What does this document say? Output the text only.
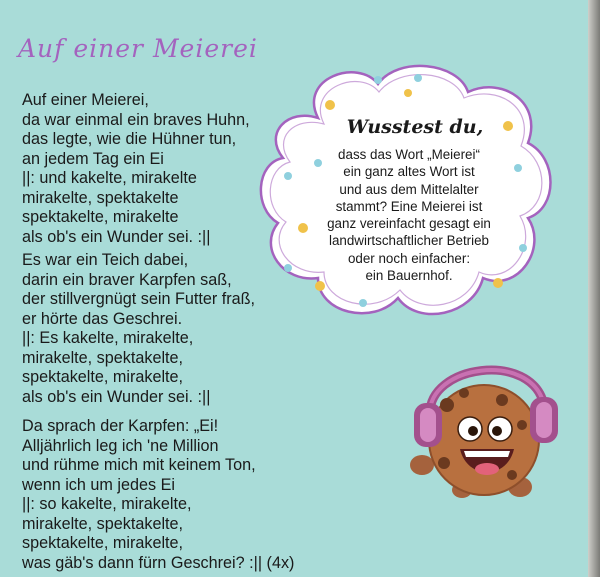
Auf einer Meierei
Auf einer Meierei,
da war einmal ein braves Huhn,
das legte, wie die Hühner tun,
an jedem Tag ein Ei
||: und kakelte, mirakelte
mirakelte, spektakelte
spektakelte, mirakelte
als ob's ein Wunder sei. :||
Es war ein Teich dabei,
darin ein braver Karpfen saß,
der stillvergnügt sein Futter fraß,
er hörte das Geschrei.
||: Es kakelte, mirakelte,
mirakelte, spektakelte,
spektakelte, mirakelte,
als ob's ein Wunder sei. :||
Da sprach der Karpfen: „Ei!
Alljährlich leg ich 'ne Million
und rühme mich mit keinem Ton,
wenn ich um jedes Ei
||: so kakelte, mirakelte,
mirakelte, spektakelte,
spektakelte, mirakelte,
was gäb's dann fürn Geschrei? :|| (4x)
Wusstest du,
dass das Wort „Meierei“
ein ganz altes Wort ist
und aus dem Mittelalter
stammt? Eine Meierei ist
ganz vereinfacht gesagt ein
landwirtschaftlicher Betrieb
oder noch einfacher:
ein Bauernhof.
